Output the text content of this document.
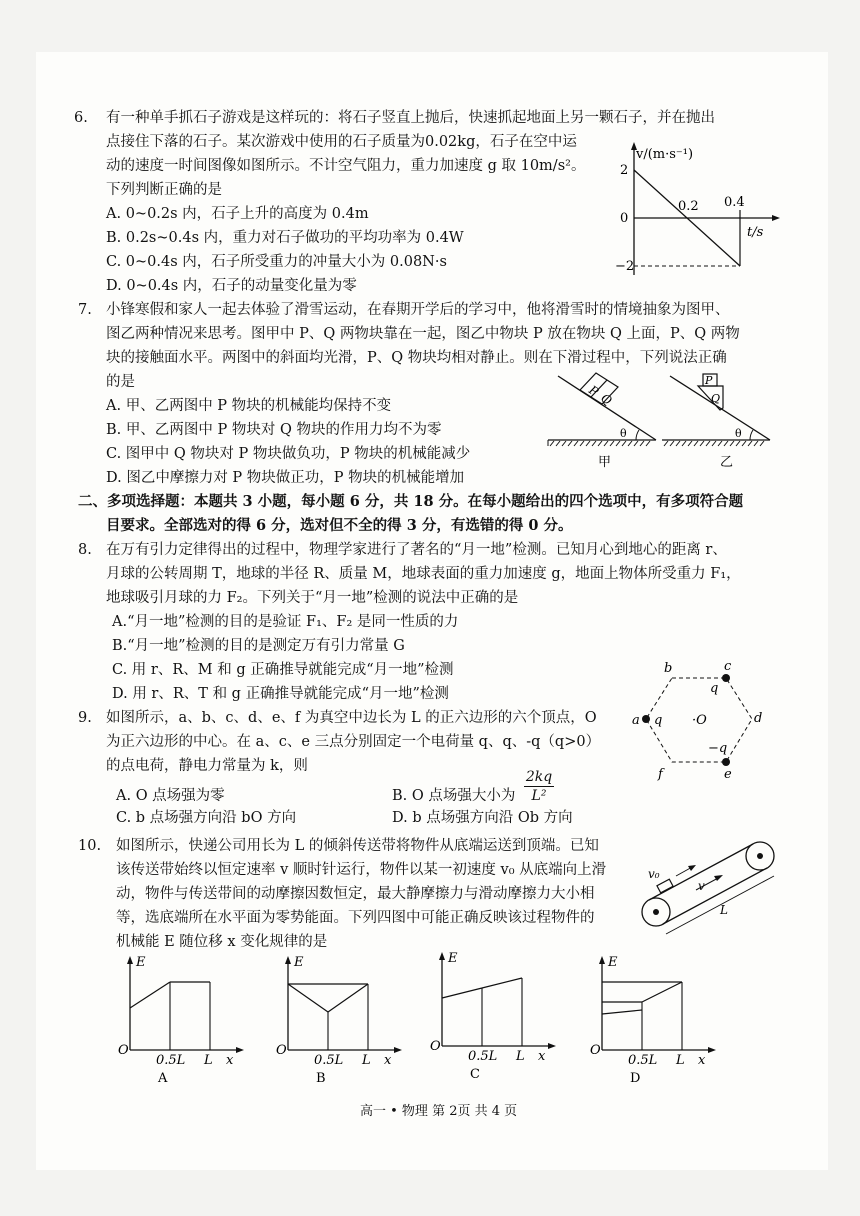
6. 有一种单手抓石子游戏是这样玩的：将石子竖直上抛后，快速抓起地面上另一颗石子，并在抛出
点接住下落的石子。某次游戏中使用的石子质量为0.02kg，石子在空中运
动的速度一时间图像如图所示。不计空气阻力，重力加速度 g 取 10m/s²。
下列判断正确的是
A. 0~0.2s 内，石子上升的高度为 0.4m
B. 0.2s~0.4s 内，重力对石子做功的平均功率为 0.4W
C. 0~0.4s 内，石子所受重力的冲量大小为 0.08N·s
D. 0~0.4s 内，石子的动量变化量为零
v/(m·s⁻¹)
2
0
−2
0.2 0.4
t/s
7. 小锋寒假和家人一起去体验了滑雪运动，在春期开学后的学习中，他将滑雪时的情境抽象为图甲、
图乙两种情况来思考。图甲中 P、Q 两物块靠在一起，图乙中物块 P 放在物块 Q 上面，P、Q 两物
块的接触面水平。两图中的斜面均光滑，P、Q 物块均相对静止。则在下滑过程中，下列说法正确
的是
A. 甲、乙两图中 P 物块的机械能均保持不变
B. 甲、乙两图中 P 物块对 Q 物块的作用力均不为零
C. 图甲中 Q 物块对 P 物块做负功，P 物块的机械能减少
D. 图乙中摩擦力对 P 物块做正功，P 物块的机械能增加
P
Q
θ
甲
P
Q
θ
乙
二、多项选择题：本题共 3 小题，每小题 6 分，共 18 分。在每小题给出的四个选项中，有多项符合题
目要求。全部选对的得 6 分，选对但不全的得 3 分，有选错的得 0 分。
8. 在万有引力定律得出的过程中，物理学家进行了著名的“月一地”检测。已知月心到地心的距离 r、
月球的公转周期 T，地球的半径 R、质量 M，地球表面的重力加速度 g，地面上物体所受重力 F₁，
地球吸引月球的力 F₂。下列关于“月一地”检测的说法中正确的是
A.“月一地”检测的目的是验证 F₁、F₂ 是同一性质的力
B.“月一地”检测的目的是测定万有引力常量 G
C. 用 r、R、M 和 g 正确推导就能完成“月一地”检测
D. 用 r、R、T 和 g 正确推导就能完成“月一地”检测
9. 如图所示，a、b、c、d、e、f 为真空中边长为 L 的正六边形的六个顶点，O
为正六边形的中心。在 a、c、e 三点分别固定一个电荷量 q、q、-q（q>0）
的点电荷，静电力常量为 k，则
A. O 点场强为零	B. O 点场强大小为 $\frac{2kq}{\text{L²}}$
C. b 点场强方向沿 bO 方向	D. b 点场强方向沿 Ob 方向
b	c
q
a q ·O	d
−q
f	e
10. 如图所示，快递公司用长为 L 的倾斜传送带将物件从底端运送到顶端。已知
该传送带始终以恒定速率 v 顺时针运行，物件以某一初速度 v₀ 从底端向上滑
动，物件与传送带间的动摩擦因数恒定，最大静摩擦力与滑动摩擦力大小相
等，选底端所在水平面为零势能面。下列四图中可能正确反映该过程物件的
机械能 E 随位移 x 变化规律的是
v₀
v
L
E
O
0.5L L x
A
E
O
0.5L L x
B
E
O
0.5L L x
C
E
O
0.5L L x
D
高一 • 物理 第 2页 共 4 页
